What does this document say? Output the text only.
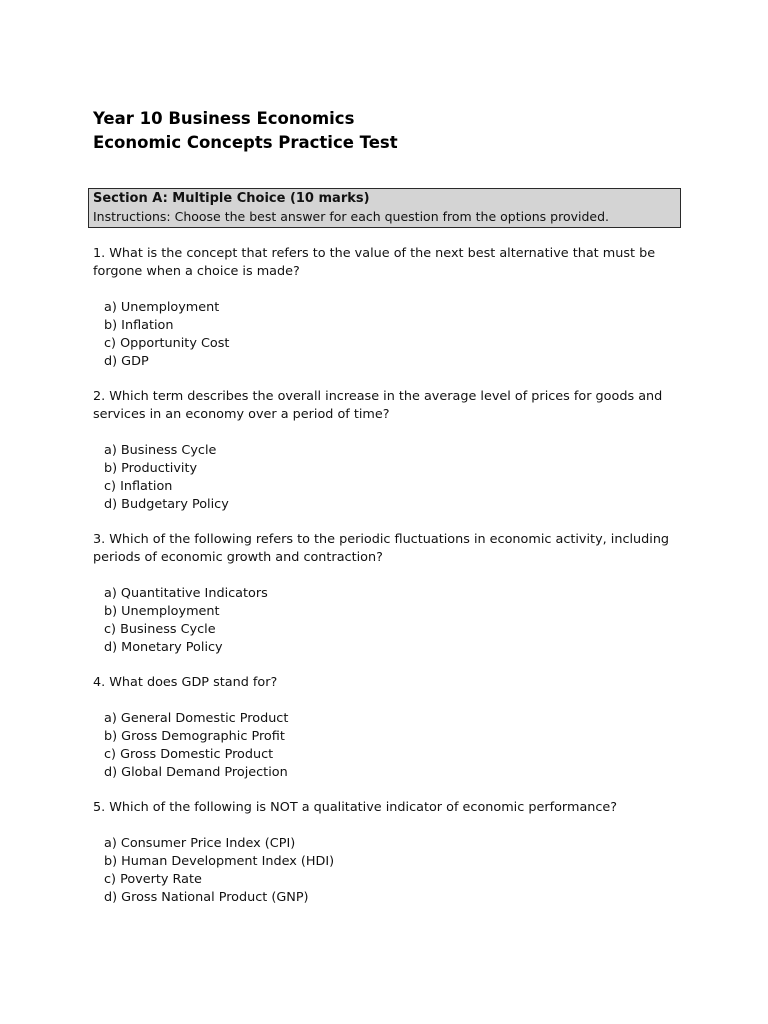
Year 10 Business Economics
Economic Concepts Practice Test
Section A: Multiple Choice (10 marks)
Instructions: Choose the best answer for each question from the options provided.
1. What is the concept that refers to the value of the next best alternative that must be
forgone when a choice is made?
a) Unemployment
b) Inflation
c) Opportunity Cost
d) GDP
2. Which term describes the overall increase in the average level of prices for goods and
services in an economy over a period of time?
a) Business Cycle
b) Productivity
c) Inflation
d) Budgetary Policy
3. Which of the following refers to the periodic fluctuations in economic activity, including
periods of economic growth and contraction?
a) Quantitative Indicators
b) Unemployment
c) Business Cycle
d) Monetary Policy
4. What does GDP stand for?
a) General Domestic Product
b) Gross Demographic Profit
c) Gross Domestic Product
d) Global Demand Projection
5. Which of the following is NOT a qualitative indicator of economic performance?
a) Consumer Price Index (CPI)
b) Human Development Index (HDI)
c) Poverty Rate
d) Gross National Product (GNP)
